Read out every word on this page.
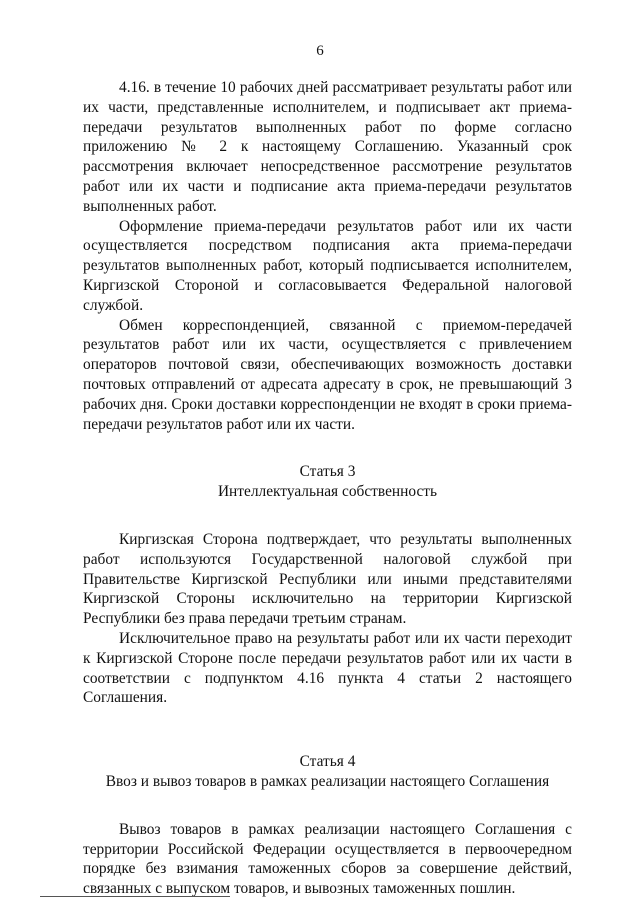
6

4.16. в течение 10 рабочих дней рассматривает результаты работ или их части, представленные исполнителем, и подписывает акт приема-передачи результатов выполненных работ по форме согласно приложению № 2 к настоящему Соглашению. Указанный срок рассмотрения включает непосредственное рассмотрение результатов работ или их части и подписание акта приема-передачи результатов выполненных работ.

Оформление приема-передачи результатов работ или их части осуществляется посредством подписания акта приема-передачи результатов выполненных работ, который подписывается исполнителем, Киргизской Стороной и согласовывается Федеральной налоговой службой.

Обмен корреспонденцией, связанной с приемом-передачей результатов работ или их части, осуществляется с привлечением операторов почтовой связи, обеспечивающих возможность доставки почтовых отправлений от адресата адресату в срок, не превышающий 3 рабочих дня. Сроки доставки корреспонденции не входят в сроки приема-передачи результатов работ или их части.

Статья 3

Интеллектуальная собственность

Киргизская Сторона подтверждает, что результаты выполненных работ используются Государственной налоговой службой при Правительстве Киргизской Республики или иными представителями Киргизской Стороны исключительно на территории Киргизской Республики без права передачи третьим странам.

Исключительное право на результаты работ или их части переходит к Киргизской Стороне после передачи результатов работ или их части в соответствии с подпунктом 4.16 пункта 4 статьи 2 настоящего Соглашения.

Статья 4

Ввоз и вывоз товаров в рамках реализации настоящего Соглашения

Вывоз товаров в рамках реализации настоящего Соглашения с территории Российской Федерации осуществляется в первоочередном порядке без взимания таможенных сборов за совершение действий, связанных с выпуском товаров, и вывозных таможенных пошлин.
